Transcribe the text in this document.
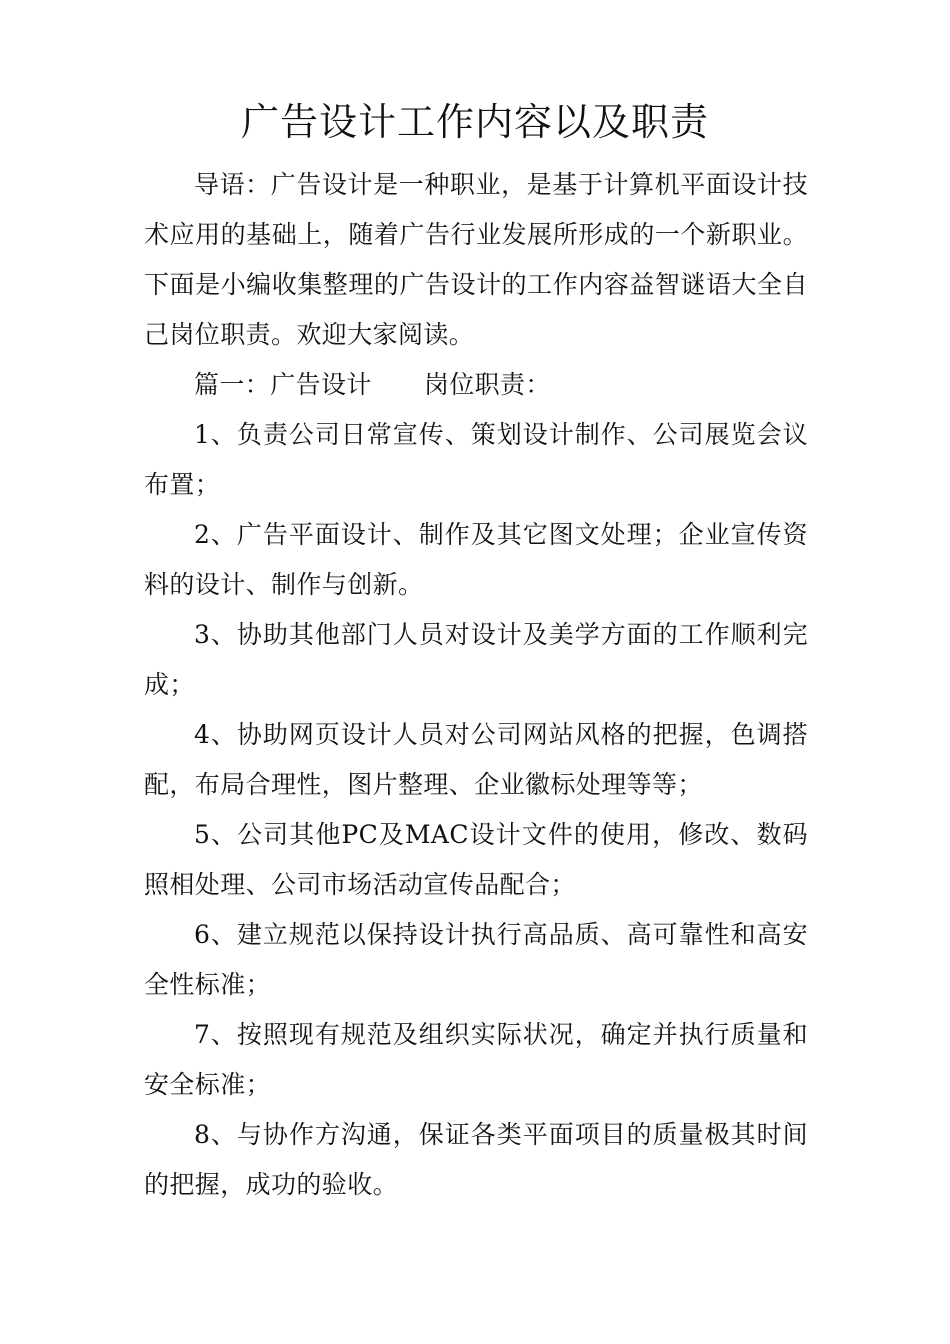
广告设计工作内容以及职责

导语：广告设计是一种职业，是基于计算机平面设计技术应用的基础上，随着广告行业发展所形成的一个新职业。下面是小编收集整理的广告设计的工作内容益智谜语大全自己岗位职责。欢迎大家阅读。

篇一：广告设计 岗位职责：

1、负责公司日常宣传、策划设计制作、公司展览会议布置；

2、广告平面设计、制作及其它图文处理；企业宣传资料的设计、制作与创新。

3、协助其他部门人员对设计及美学方面的工作顺利完成；

4、协助网页设计人员对公司网站风格的把握，色调搭配，布局合理性，图片整理、企业徽标处理等等；

5、公司其他PC及MAC设计文件的使用，修改、数码照相处理、公司市场活动宣传品配合；

6、建立规范以保持设计执行高品质、高可靠性和高安全性标准；

7、按照现有规范及组织实际状况，确定并执行质量和安全标准；

8、与协作方沟通，保证各类平面项目的质量极其时间的把握，成功的验收。
